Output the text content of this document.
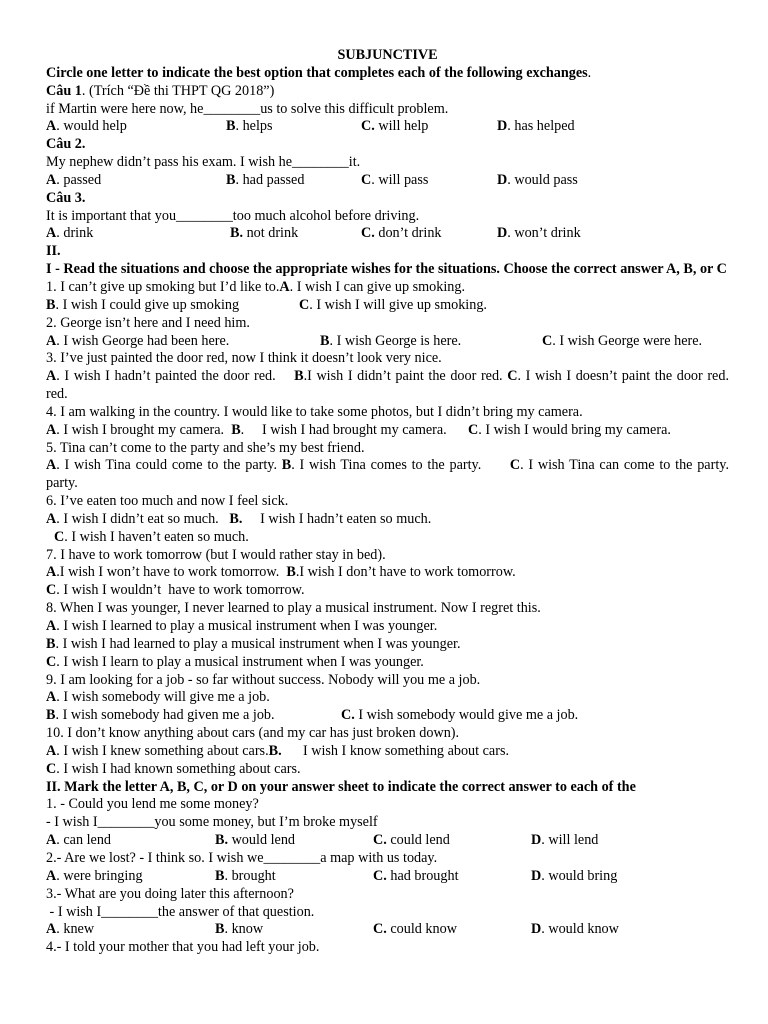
SUBJUNCTIVE
Circle one letter to indicate the best option that completes each of the following exchanges.
Câu 1. (Trích “Đề thi THPT QG 2018”)
if Martin were here now, he________us to solve this difficult problem.
A. would help	B. helps	C. will help	D. has helped
Câu 2.
My nephew didn’t pass his exam. I wish he________it.
A. passed	B. had passed	C. will pass	D. would pass
Câu 3.
It is important that you________too much alcohol before driving.
A. drink	B. not drink	C. don’t drink	D. won’t drink
II.
I - Read the situations and choose the appropriate wishes for the situations. Choose the correct answer A, B, or C
1. I can’t give up smoking but I’d like to.A. I wish I can give up smoking.
B. I wish I could give up smoking	C. I wish I will give up smoking.
2. George isn’t here and I need him.
A. I wish George had been here.	B. I wish George is here.	C. I wish George were here.
3. I’ve just painted the door red, now I think it doesn’t look very nice.
A. I wish I hadn’t painted the door red. B.I wish I didn’t paint the door red. C. I wish I doesn’t paint the door red.
red.
4. I am walking in the country. I would like to take some photos, but I didn’t bring my camera.
A. I wish I brought my camera. B.     I wish I had brought my camera. C. I wish I would bring my camera.
5. Tina can’t come to the party and she’s my best friend.
A. I wish Tina could come to the party. B. I wish Tina comes to the party. C. I wish Tina can come to the party.
party.
6. I’ve eaten too much and now I feel sick.
A. I wish I didn’t eat so much. B. I wish I hadn’t eaten so much.
C. I wish I haven’t eaten so much.
7. I have to work tomorrow (but I would rather stay in bed).
A.I wish I won’t have to work tomorrow. B.I wish I don’t have to work tomorrow.
C. I wish I wouldn’t  have to work tomorrow.
8. When I was younger, I never learned to play a musical instrument. Now I regret this.
A. I wish I learned to play a musical instrument when I was younger.
B. I wish I had learned to play a musical instrument when I was younger.
C. I wish I learn to play a musical instrument when I was younger.
9. I am looking for a job - so far without success. Nobody will you me a job.
A. I wish somebody will give me a job.
B. I wish somebody had given me a job.	C. I wish somebody would give me a job.
10. I don’t know anything about cars (and my car has just broken down).
A. I wish I knew something about cars.B. I wish I know something about cars.
C. I wish I had known something about cars.
II. Mark the letter A, B, C, or D on your answer sheet to indicate the correct answer to each of the
1. - Could you lend me some money?
- I wish I________you some money, but I’m broke myself
A. can lend	B. would lend	C. could lend	D. will lend
2.- Are we lost? - I think so. I wish we________a map with us today.
A. were bringing	B. brought	C. had brought	D. would bring
3.- What are you doing later this afternoon?
- I wish I________the answer of that question.
A. knew	B. know	C. could know	D. would know
4.- I told your mother that you had left your job.
